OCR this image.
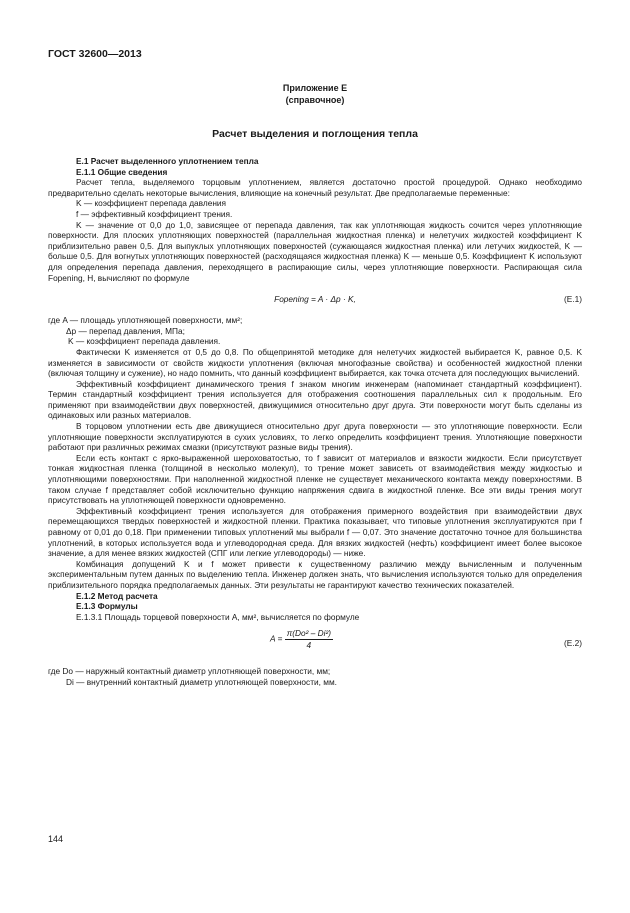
ГОСТ 32600—2013
Приложение Е
(справочное)
Расчет выделения и поглощения тепла

Е.1 Расчет выделенного уплотнением тепла

Е.1.1 Общие сведения

Расчет тепла, выделяемого торцовым уплотнением, является достаточно простой процедурой. Однако необходимо предварительно сделать некоторые вычисления, влияющие на конечный результат. Две предполагаемые переменные:

K — коэффициент перепада давления

f — эффективный коэффициент трения.

K — значение от 0,0 до 1,0, зависящее от перепада давления, так как уплотняющая жидкость сочится через уплотняющие поверхности. Для плоских уплотняющих поверхностей (параллельная жидкостная пленка) и нелетучих жидкостей коэффициент K приблизительно равен 0,5. Для выпуклых уплотняющих поверхностей (сужающаяся жидкостная пленка) или летучих жидкостей, K — больше 0,5. Для вогнутых уплотняющих поверхностей (расходящаяся жидкостная пленка) K — меньше 0,5. Коэффициент K используют для определения перепада давления, переходящего в распирающие силы, через уплотняющие поверхности. Распирающая сила Fopening, Н, вычисляют по формуле

Fopening = A · Δp · K,	(Е.1)

где A — площадь уплотняющей поверхности, мм²;

Δp — перепад давления, МПа;

K — коэффициент перепада давления.

Фактически K изменяется от 0,5 до 0,8. По общепринятой методике для нелетучих жидкостей выбирается K, равное 0,5. K изменяется в зависимости от свойств жидкости уплотнения (включая многофазные свойства) и особенностей жидкостной пленки (включая толщину и сужение), но надо помнить, что данный коэффициент выбирается, как точка отсчета для последующих вычислений.

Эффективный коэффициент динамического трения f знаком многим инженерам (напоминает стандартный коэффициент). Термин стандартный коэффициент трения используется для отображения соотношения параллельных сил к продольным. Его применяют при взаимодействии двух поверхностей, движущимися относительно друг друга. Эти поверхности могут быть сделаны из одинаковых или разных материалов.

В торцовом уплотнении есть две движущиеся относительно друг друга поверхности — это уплотняющие поверхности. Если уплотняющие поверхности эксплуатируются в сухих условиях, то легко определить коэффициент трения. Уплотняющие поверхности работают при различных режимах смазки (присутствуют разные виды трения).

Если есть контакт с ярко-выраженной шероховатостью, то f зависит от материалов и вязкости жидкости. Если присутствует тонкая жидкостная пленка (толщиной в несколько молекул), то трение может зависеть от взаимодействия между жидкостью и уплотняющими поверхностями. При наполненной жидкостной пленке не существует механического контакта между поверхностями. В таком случае f представляет собой исключительно функцию напряжения сдвига в жидкостной пленке. Все эти виды трения могут присутствовать на уплотняющей поверхности одновременно.

Эффективный коэффициент трения используется для отображения примерного воздействия при взаимодействии двух перемещающихся твердых поверхностей и жидкостной пленки. Практика показывает, что типовые уплотнения эксплуатируются при f равному от 0,01 до 0,18. При применении типовых уплотнений мы выбрали f — 0,07. Это значение достаточно точное для большинства уплотнений, в которых используется вода и углеводородная среда. Для вязких жидкостей (нефть) коэффициент имеет более высокое значение, а для менее вязких жидкостей (СПГ или легкие углеводороды) — ниже.

Комбинация допущений K и f может привести к существенному различию между вычисленным и полученным экспериментальным путем данных по выделению тепла. Инженер должен знать, что вычисления используются только для определения приблизительного порядка предполагаемых данных. Эти результаты не гарантируют качество технических показателей.

Е.1.2 Метод расчета

Е.1.3 Формулы

Е.1.3.1 Площадь торцевой поверхности A, мм², вычисляется по формуле

$A = \frac{\text{π(Do² – Di²)}}{4}$	(Е.2)

где Do — наружный контактный диаметр уплотняющей поверхности, мм;

Di — внутренний контактный диаметр уплотняющей поверхности, мм.

144
